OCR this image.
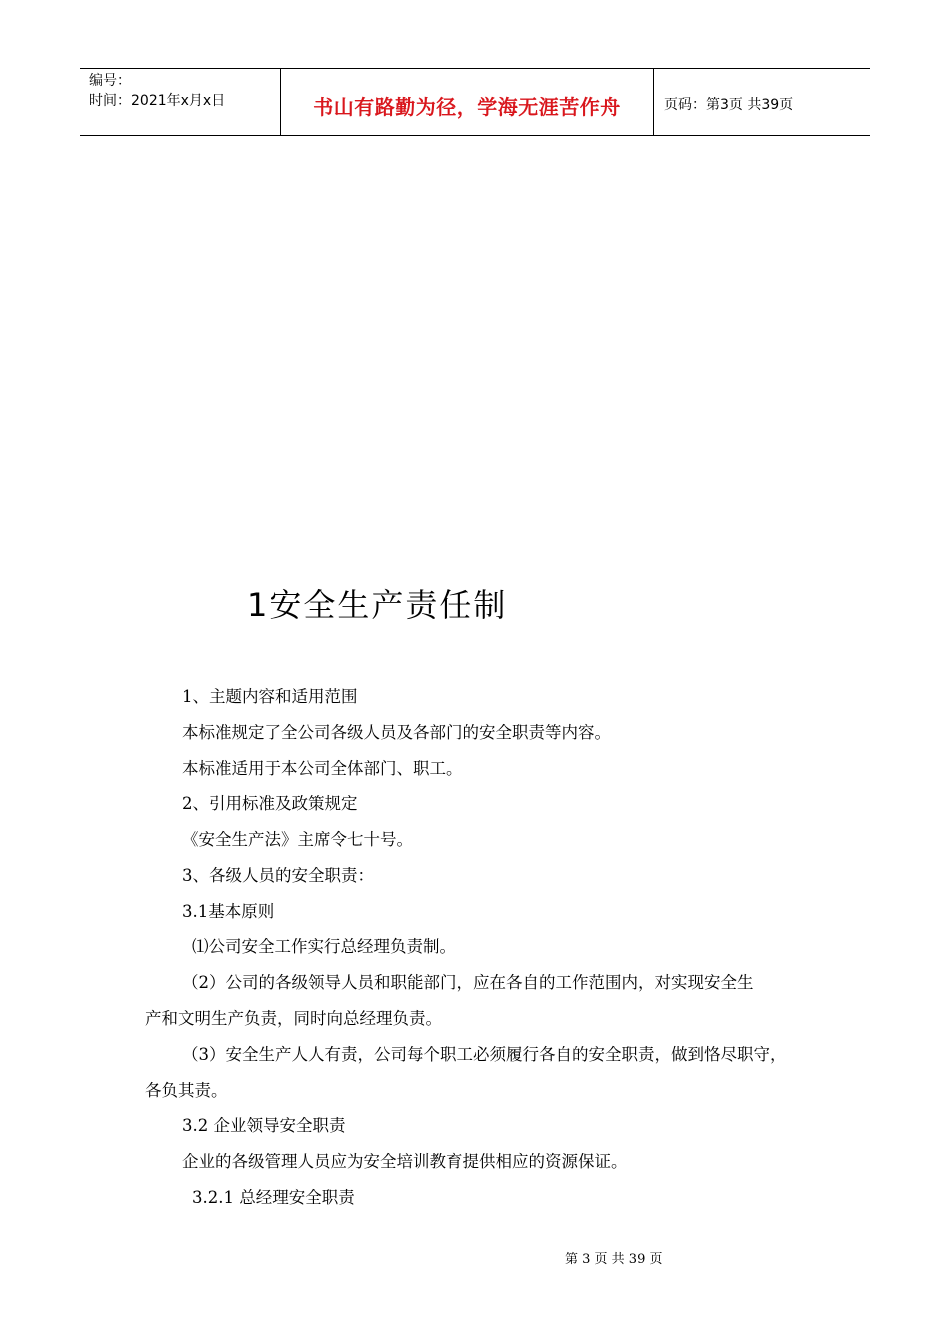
编号：
时间：2021年x月x日	书山有路勤为径，学海无涯苦作舟	页码：第3页 共39页
1安全生产责任制
1、主题内容和适用范围
本标准规定了全公司各级人员及各部门的安全职责等内容。
本标准适用于本公司全体部门、职工。
2、引用标准及政策规定
《安全生产法》主席令七十号。
3、各级人员的安全职责：
3.1基本原则
⑴公司安全工作实行总经理负责制。
（2）公司的各级领导人员和职能部门，应在各自的工作范围内，对实现安全生
产和文明生产负责，同时向总经理负责。
（3）安全生产人人有责，公司每个职工必须履行各自的安全职责，做到恪尽职守，
各负其责。
3.2 企业领导安全职责
企业的各级管理人员应为安全培训教育提供相应的资源保证。
3.2.1 总经理安全职责
第 3 页 共 39 页
